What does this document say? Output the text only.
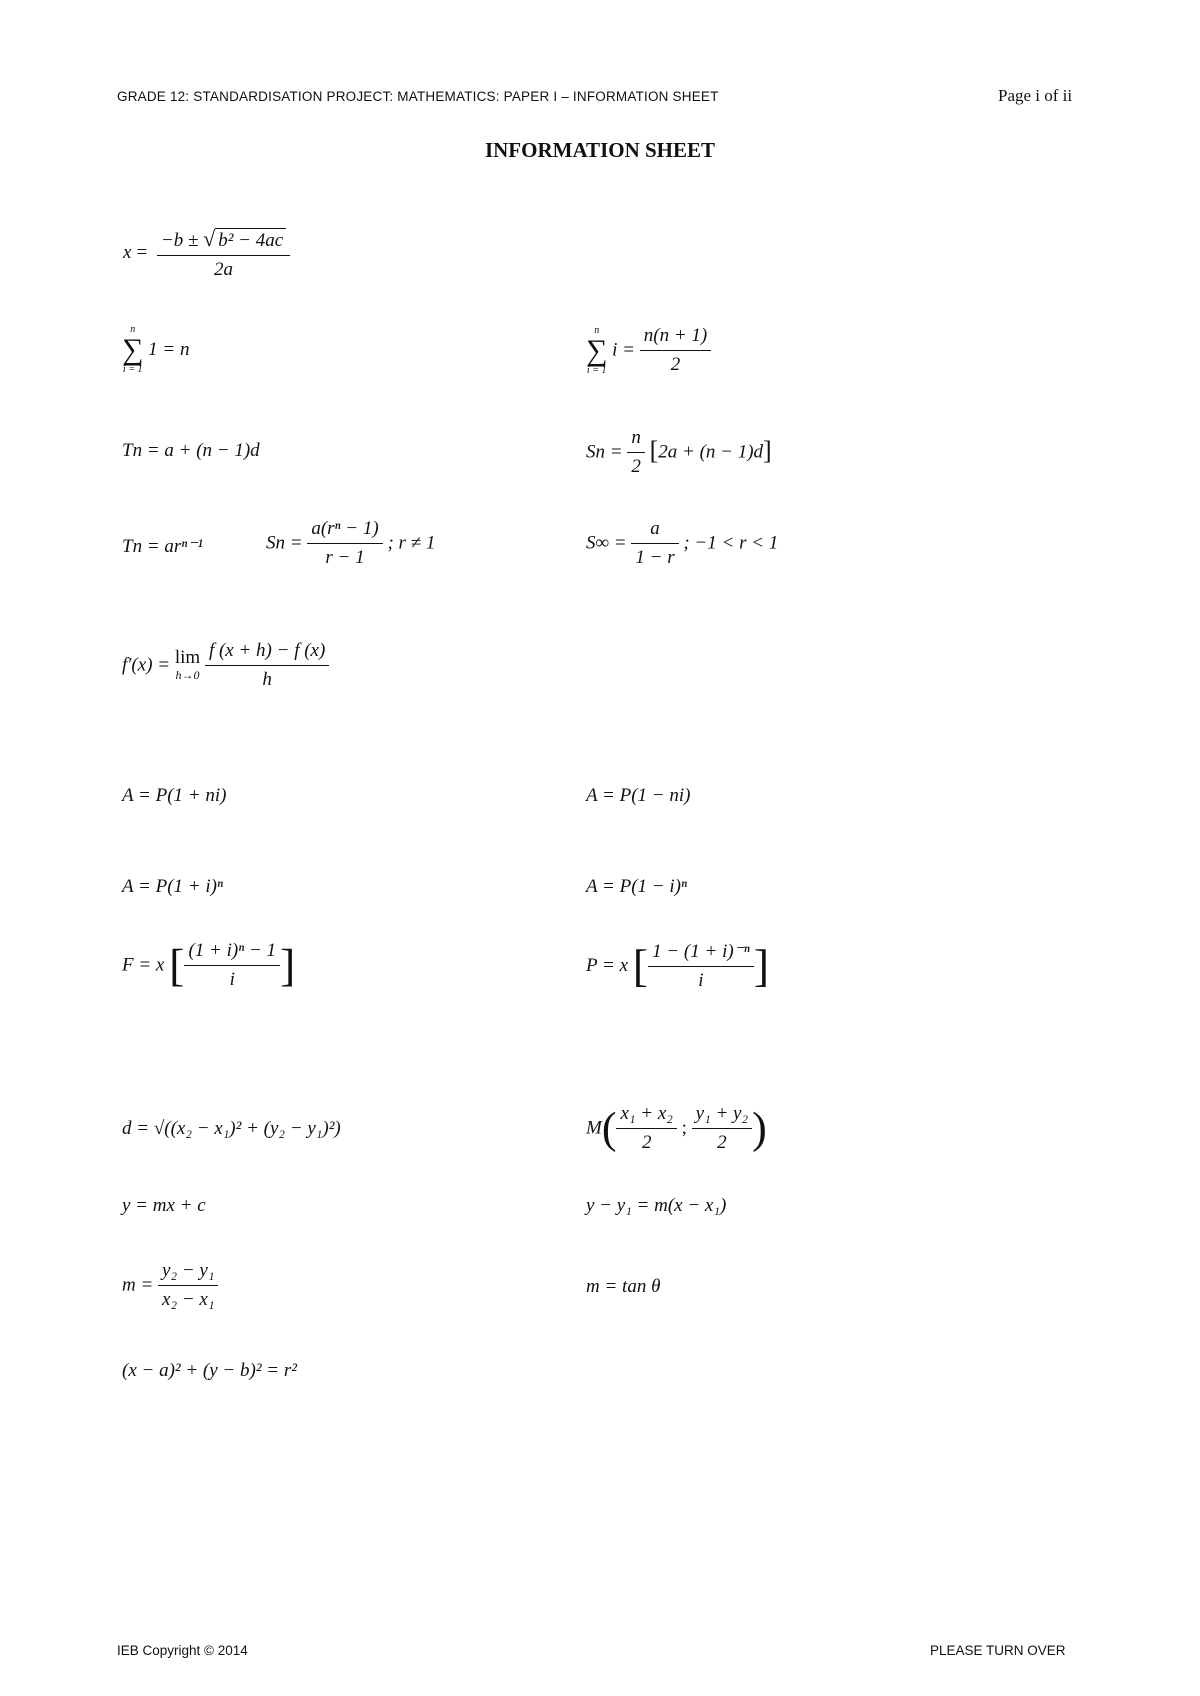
GRADE 12: STANDARDISATION PROJECT: MATHEMATICS: PAPER I – INFORMATION SHEET	Page i of ii
INFORMATION SHEET
$x = \frac{\text{−b ± √ b² − 4ac}}{2a}$
n
∑
i = 1
1 = n
n
∑
i = 1
$i = \frac{n(n + 1)}{2}$
Tn = a + (n − 1)d	$Sn = \frac{n}{2} [2a + (n - 1)d]$
Tn = arⁿ⁻¹	$Sn = \frac{\text{a(rⁿ − 1)}}{r - 1}$ ; r ≠ 1	$S\infty = \frac{a}{1 - r}$ ; −1 < r < 1
f′(x) = lim
h→0
$\frac{f (x + h) - f (x)}{h}$
A = P(1 + ni)	A = P(1 − ni)
A = P(1 + i)ⁿ	A = P(1 − i)ⁿ
F = x [ $\frac{\text{(1 + i)ⁿ − 1}}{i}$ ]	P = x [ $\frac{\text{1 − (1 + i)⁻ⁿ}}{i}$ ]
d = √((x₂ − x₁)² + (y₂ − y₁)²)	$M( \frac{\text{x₁ + x₂}}{2}$ ; $\frac{\text{y₁ + y₂}}{2}$ )
y = mx + c	y − y₁ = m(x − x₁)
$m = \frac{\text{y₂ − y₁}}{\text{x₂ − x₁}}$	m = tan θ
(x − a)² + (y − b)² = r²
IEB Copyright © 2014	PLEASE TURN OVER
